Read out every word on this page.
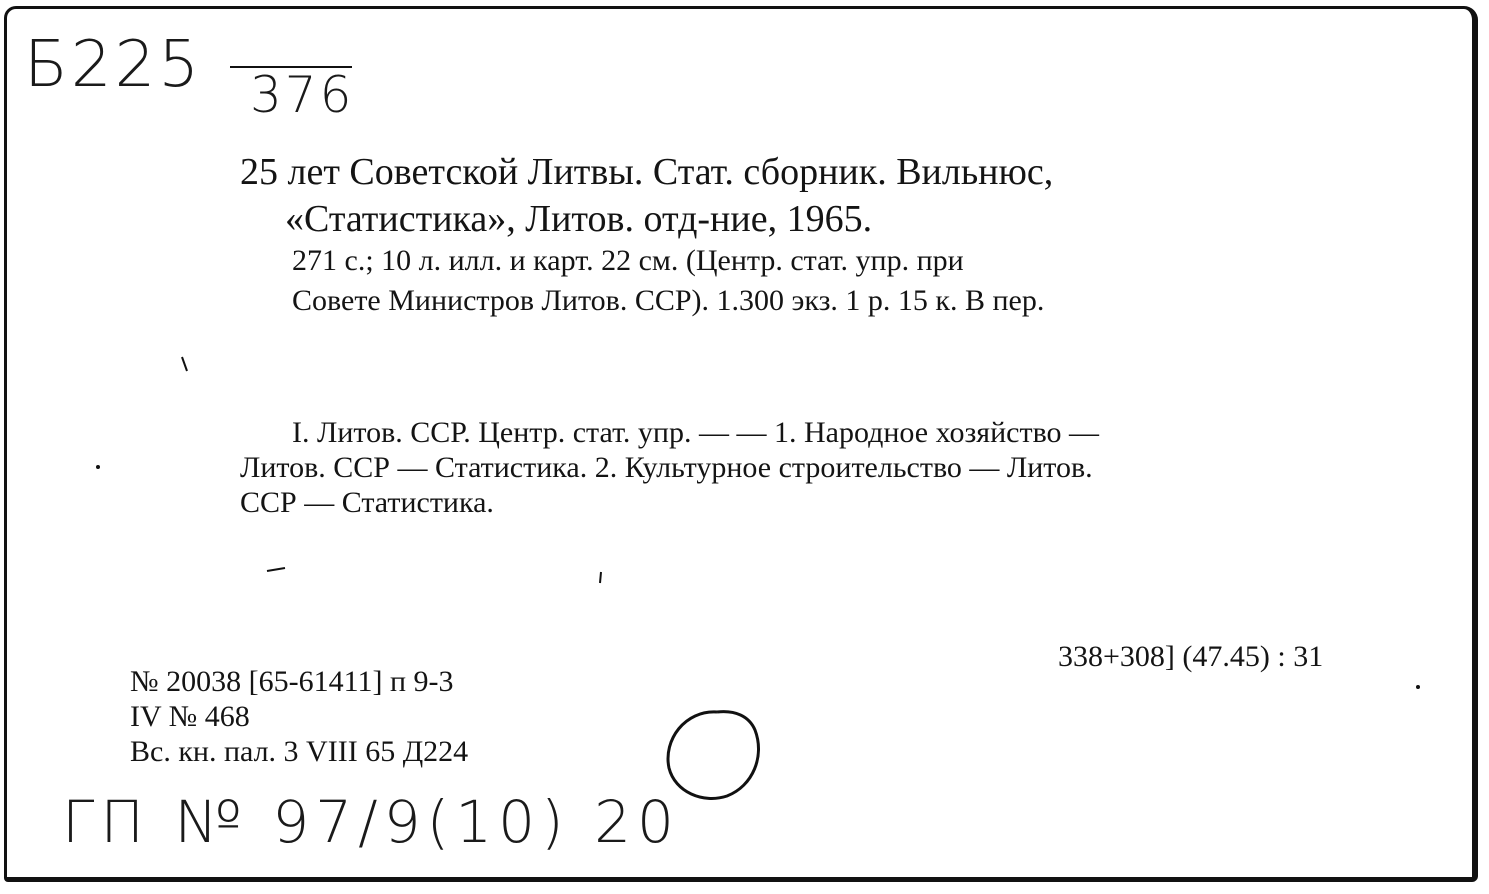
Б225 376
25 лет Советской Литвы. Стат. сборник. Вильнюс,
«Статистика», Литов. отд-ние, 1965.
271 с.; 10 л. илл. и карт. 22 см. (Центр. стат. упр. при
Совете Министров Литов. ССР). 1.300 экз. 1 р. 15 к. В пер.
I. Литов. ССР. Центр. стат. упр. — — 1. Народное хозяйство —
Литов. ССР — Статистика. 2. Культурное строительство — Литов.
ССР — Статистика.
338+308] (47.45) : 31
№ 20038 [65-61411] п 9-3
IV № 468
Вс. кн. пал. 3 VIII 65 Д224
ГП № 97/9(10) 20
